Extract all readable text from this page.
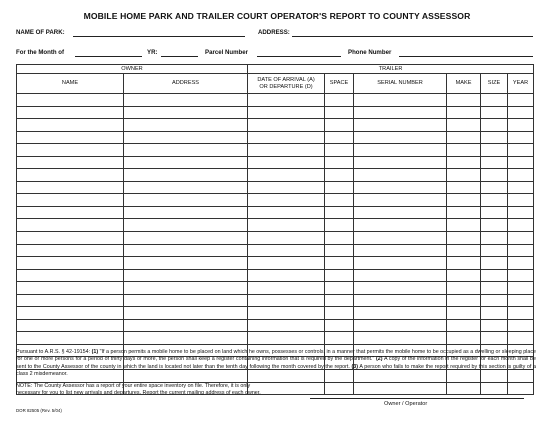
MOBILE HOME PARK AND TRAILER COURT OPERATOR'S REPORT TO COUNTY ASSESSOR
NAME OF PARK:	ADDRESS:
For the Month of	YR:	Parcel Number	Phone Number
OWNER		TRAILER					
NAME	ADDRESS	DATE OF ARRIVAL (A)
OR DEPARTURE (D)	SPACE	SERIAL NUMBER	MAKE	SIZE	YEAR

Pursuant to A.R.S. § 42-19154: (1) "If a person permits a mobile home to be placed on land which he owns, possesses or controls, in a manner that permits the mobile home to be occupied as a dwelling or sleeping place for one or more persons for a period of thirty days or more, the person shall keep a register containing information that is required by the department." (2) A copy of the information in the register for each month shall be sent to the County Assessor of the county in which the land is located not later than the tenth day following the month covered by the report. (3) A person who fails to make the report required by this section is guilty of a class 2 misdemeanor.
NOTE: The County Assessor has a report of your entire space inventory on file. Therefore, it is only
necessary for you to list new arrivals and departures. Report the current mailing address of each owner.
Owner / Operator
DOR 82505 (Rev. 5/04)
